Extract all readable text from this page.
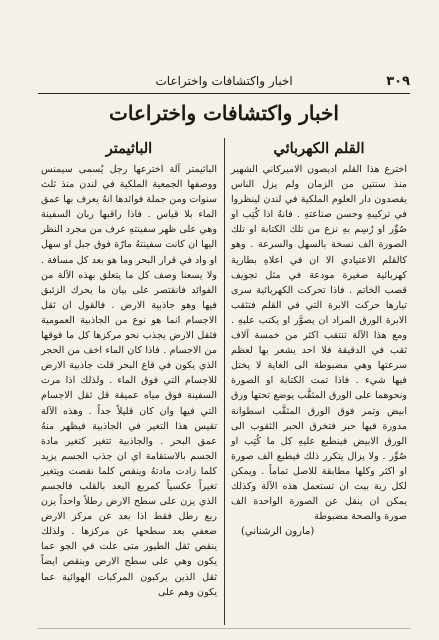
٣٠٩
اخبار واكتشافات واختراعات
اخبار واكتشافات واختراعات
القلم الكهربائي

اخترع هذا القلم اديصون الاميركاني الشهير منذ سنتين من الزمان ولم يزل الناس يقصدون دار العلوم الملكية في لندن لينظروا في تركيبهِ وحسن صناعتهِ . فانهُ اذا كُتِب او صُوِّر او رُسِم بهِ نزع من تلك الكتابة او تلك الصورة الف نسخة بالسهل والسرعة . وهو كالقلم الاعتيادي الا ان في اعلاهِ بطارية كهربائية صغيرة مودعة في مثل تجويف قصب الخاتم . فاذا تحركت الكهربائية سرى تيارها حركت الابرة التي في القلم فتثقب الابرة الورق المراد ان يصوَّر او يكتب عليهِ . ومع هذا الآلة تنتقب اكثر من خمسة آلاف ثقب في الدقيقة فلا احد يشعر بها لعظم سرعتها وهي مضبوطة الى الغاية لا يختل فيها شيء . فاذا تمت الكتابة او الصورة ونحوهما على الورق المثقَّب يوضع تحتها ورق ابيض وتمر فوق الورق المثقَّب اسطوانة مدورة فيها حبر فتخرق الحبر الثقوب الى الورق الابيض فينطبع عليهِ كل ما كُتِب او صُوِّر . ولا يزال يتكرر ذلك فيطبع الف صورة او اكثر وكلها مطابقة للاصل تماماً . ويمكن لكل ربة بيت ان تستعمل هذه الآلة وكذلك يمكن ان ينقل عن الصورة الواحدة الف صورة والصحة مضبوطة

(مارون الرشناني)
الباثيمتر

الباثيمتر آلة اخترعها رجل يُسمى سيمنس ووصفها الجمعية الملكية في لندن منذ ثلث سنوات ومن جملة فوائدها انهُ يعرف بها عمق الماء بلا قياس . فاذا راقبها ربان السفينة وهي على ظهر سفينتهِ عرف من مجرد النظر اليها ان كانت سفينتهُ مارّة فوق جبل او سهل او واد في قرار البحر وما هو بعد كل مسافة . ولا يسعنا وصف كل ما يتعلق بهذه الآلة من الفوائد فانقتصر على بيان ما يحرك الزئبق فيها وهو جاذبية الارض . فالقول ان ثقل الاجسام انما هو نوع من الجاذبية العمومية فثقل الارض يجذب نحو مركزها كل ما فوقها من الاجسام . فاذا كان الماء اخف من الحجر الذي يكون في قاع البحر قلت جاذبية الارض للاجسام التي فوق الماء . ولذلك اذا مرت السفينة فوق مياه عميقة قل ثقل الاجسام التي فيها وان كان قليلاً جداً . وهذه الآلة تقيس هذا التغير في الجاذبية فيظهر منهُ عمق البحر . والجاذبية تتغير كتغير مادة الجسم بالاستقامة اي ان جذب الجسم يزيد كلما زادت مادتهُ وينقص كلما نقصت ويتغير تغيراً عكسياً كمربع البعد بالقلب فالجسم الذي يزن على سطح الارض رطلاً واحداً يزن ربع رطل فقط اذا بعد عن مركز الارض ضعفي بعد سطحها عن مركزها . ولذلك ينقص ثقل الطيور متى علت في الجو عما يكون وهي على سطح الارض وبنقص ايضاً ثقل الذين يركبون المركبات الهوائية عما يكون وهم على
